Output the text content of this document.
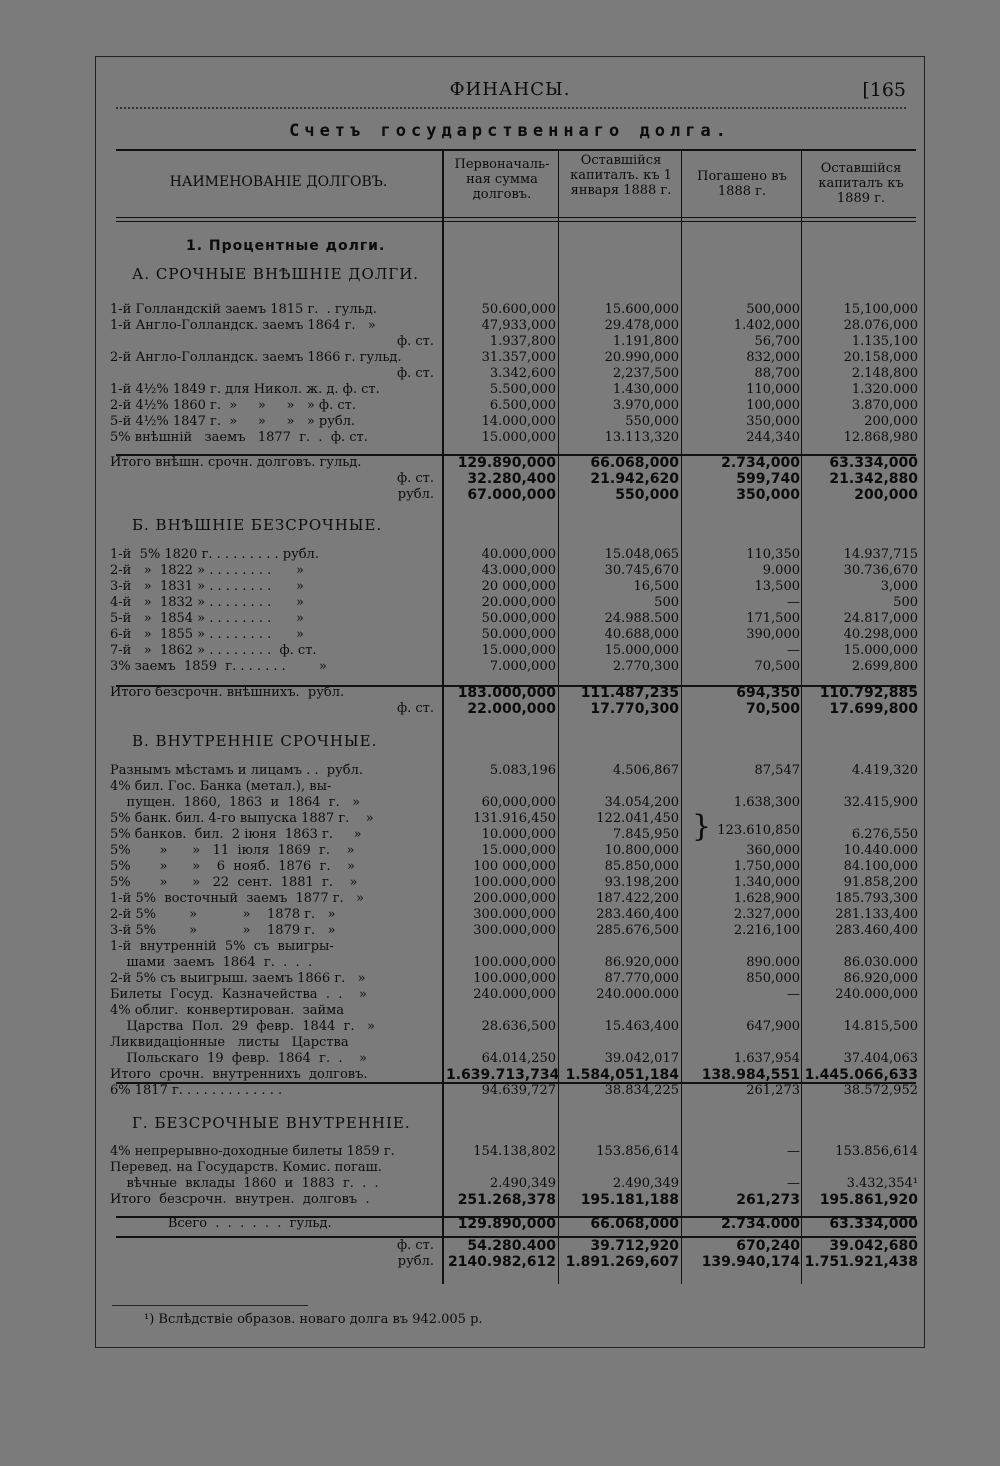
ФИНАНСЫ.
[	165
Счетъ государственнаго долга.
НАИМЕНОВАНІЕ ДОЛГОВЪ.
Первоначаль-ная сумма долговъ.
Оставшійся капиталъ. къ 1 января 1888 г.
Погашено въ 1888 г.
Оставшійся капиталъ къ 1889 г.
1. Процентные долги.
А. СРОЧНЫЕ ВНѢШНІЕ ДОЛГИ.
Б. ВНѢШНІЕ БЕЗСРОЧНЫЕ.
В. ВНУТРЕННІЕ СРОЧНЫЕ.
Г. БЕЗСРОЧНЫЕ ВНУТРЕННІЕ.
1-й Голландскій заемъ 1815 г.  . гульд.	50.600,000	15.600,000	500,000	15,100,000
1-й Англо-Голландск. заемъ 1864 г.   »	47,933,000	29.478,000	1.402,000	28.076,000
ф. ст.	1.937,800	1.191,800	56,700	1.135,100
2-й Англо-Голландск. заемъ 1866 г. гульд.	31.357,000	20.990,000	832,000	20.158,000
ф. ст.	3.342,600	2,237,500	88,700	2.148,800
1-й 4½% 1849 г. для Никол. ж. д. ф. ст.	5.500,000	1.430,000	110,000	1.320.000
2-й 4½% 1860 г.  »     »     »   » ф. ст.	6.500,000	3.970,000	100,000	3.870,000
5-й 4½% 1847 г.  »     »     »   » рубл.	14.000,000	550,000	350,000	200,000
5% внѣшній   заемъ   1877  г.  .  ф. ст.	15.000,000	13.113,320	244,340	12.868,980
Итого внѣшн. срочн. долговъ. гульд.	129.890,000	66.068,000	2.734,000	63.334,000
ф. ст.	32.280,400	21.942,620	599,740	21.342,880
рубл.	67.000,000	550,000	350,000	200,000
1-й  5% 1820 г. . . . . . . . . рубл.	40.000,000	15.048,065	110,350	14.937,715
2-й   »  1822 » . . . . . . . .      »	43.000,000	30.745,670	9.000	30.736,670
3-й   »  1831 » . . . . . . . .      »	20 000,000	16,500	13,500	3,000
4-й   »  1832 » . . . . . . . .      »	20.000,000	500	—	500
5-й   »  1854 » . . . . . . . .      »	50.000,000	24.988.500	171,500	24.817,000
6-й   »  1855 » . . . . . . . .      »	50.000,000	40.688,000	390,000	40.298,000
7-й   »  1862 » . . . . . . . .  ф. ст.	15.000,000	15.000,000	—	15.000,000
3% заемъ  1859  г. . . . . . .        »	7.000,000	2.770,300	70,500	2.699,800
Итого безсрочн. внѣшнихъ.  рубл.	183.000,000	111.487,235	694,350	110.792,885
ф. ст.	22.000,000	17.770,300	70,500	17.699,800
Разнымъ мѣстамъ и лицамъ . .  рубл.	5.083,196	4.506,867	87,547	4.419,320
4% бил. Гос. Банка (метал.), вы-
пущен.  1860,  1863  и  1864  г.   »	60,000,000	34.054,200	1.638,300	32.415,900
5% банк. бил. 4-го выпуска 1887 г.    »	131.916,450	122.041,450
5% банков.  бил.  2 іюня  1863 г.     »	10.000,000	7.845,950	6.276,550
5%       »      »   11  іюля  1869  г.    »	15.000,000	10.800,000	360,000	10.440.000
5%       »      »    6  нояб.  1876  г.    »	100 000,000	85.850,000	1.750,000	84.100,000
5%       »      »   22  сент.  1881  г.    »	100.000,000	93.198,200	1.340,000	91.858,200
1-й 5%  восточный  заемъ  1877 г.   »	200.000,000	187.422,200	1.628,900	185.793,300
2-й 5%        »           »    1878 г.   »	300.000,000	283.460,400	2.327,000	281.133,400
3-й 5%        »           »    1879 г.   »	300.000,000	285.676,500	2.216,100	283.460,400
1-й  внутренній  5%  съ  выигры-
шами  заемъ  1864  г.  .  .  .	100.000,000	86.920,000	890.000	86.030.000
2-й 5% съ выигрыш. заемъ 1866 г.   »	100.000,000	87.770,000	850,000	86.920,000
Билеты  Госуд.  Казначейства  .  .    »	240.000,000	240.000.000	—	240.000,000
4% облиг.  конвертирован.  займа
Царства  Пол.  29  февр.  1844  г.   »	28.636,500	15.463,400	647,900	14.815,500
Ликвидаціонные   листы   Царства
Польскаго  19  февр.  1864  г.  .    »	64.014,250	39.042,017	1.637,954	37.404,063
Итого  срочн.  внутреннихъ  долговъ.	1.639.713,734 1.584,051,184	138.984,551 1.445.066,633
6% 1817 г. . . . . . . . . . . . .	94.639,727	38.834,225	261,273	38.572,952
4% непрерывно-доходные билеты 1859 г.	154.138,802	153.856,614	—	153.856,614
Перевед. на Государств. Комис. погаш.
вѣчные  вклады  1860  и  1883  г.  .  .	2.490,349	2.490,349	—	3.432,354¹
Итого  безсрочн.  внутрен.  долговъ  .	251.268,378	195.181,188	261,273	195.861,920
Всего  .  .  .  .  .  .  гульд.	129.890,000	66.068,000	2.734.000	63.334,000
ф. ст.	54.280.400	39.712,920	670,240	39.042,680
рубл. 2140.982,612 1.891.269,607	139.940,174 1.751.921,438
} 123.610,850
¹) Вслѣдствіе образов. новаго долга въ 942.005 р.
